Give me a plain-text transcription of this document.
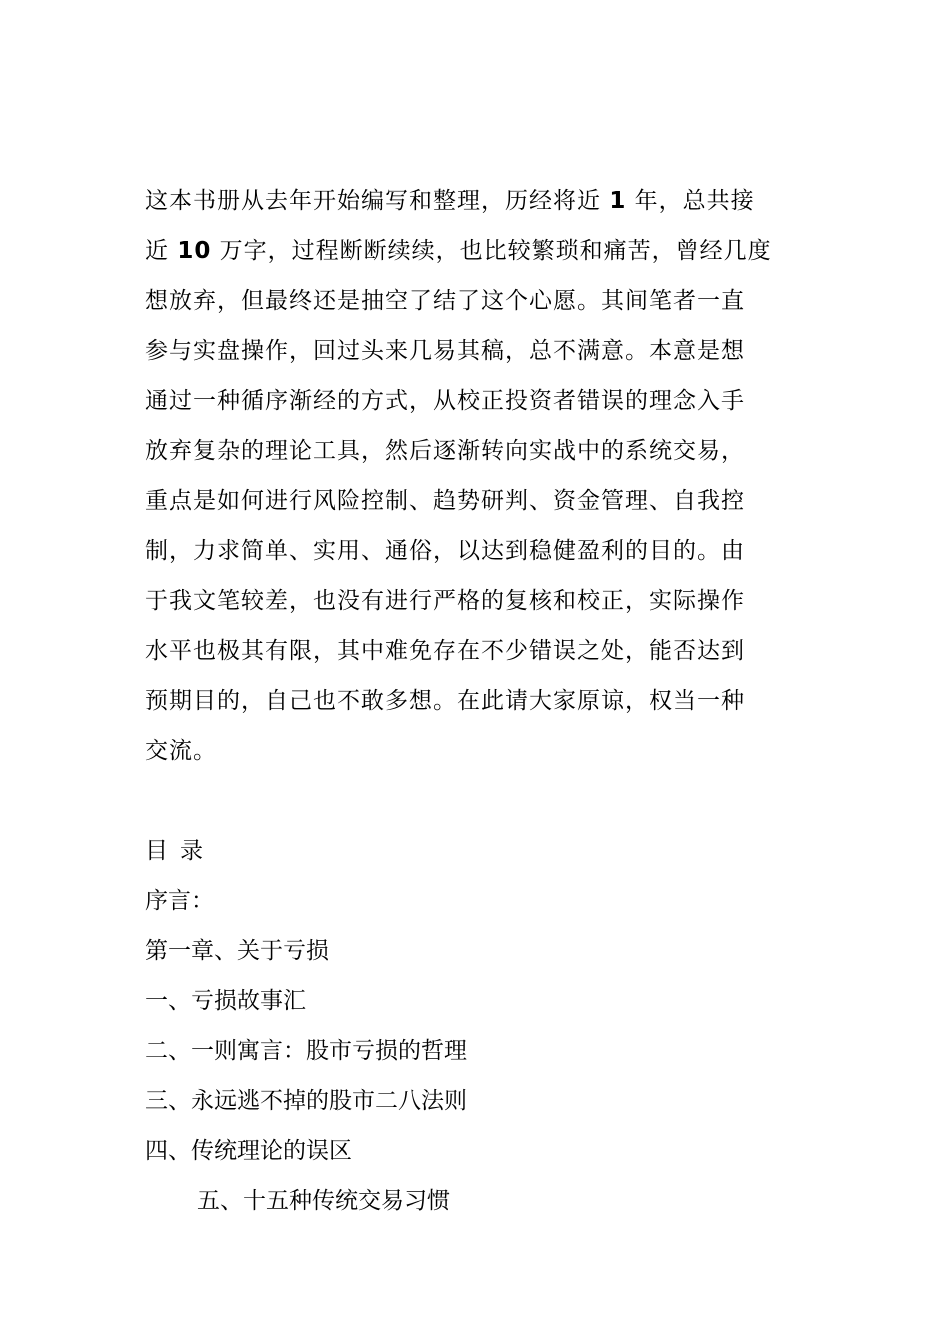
这本书册从去年开始编写和整理，历经将近 1 年，总共接
近 10 万字，过程断断续续，也比较繁琐和痛苦，曾经几度
想放弃，但最终还是抽空了结了这个心愿。其间笔者一直
参与实盘操作，回过头来几易其稿，总不满意。本意是想
通过一种循序渐经的方式，从校正投资者错误的理念入手
放弃复杂的理论工具，然后逐渐转向实战中的系统交易，
重点是如何进行风险控制、趋势研判、资金管理、自我控
制，力求简单、实用、通俗，以达到稳健盈利的目的。由
于我文笔较差，也没有进行严格的复核和校正，实际操作
水平也极其有限，其中难免存在不少错误之处，能否达到
预期目的，自己也不敢多想。在此请大家原谅，权当一种
交流。
目录
序言：
第一章、关于亏损
一、亏损故事汇
二、一则寓言：股市亏损的哲理
三、永远逃不掉的股市二八法则
四、传统理论的误区
五、十五种传统交易习惯
